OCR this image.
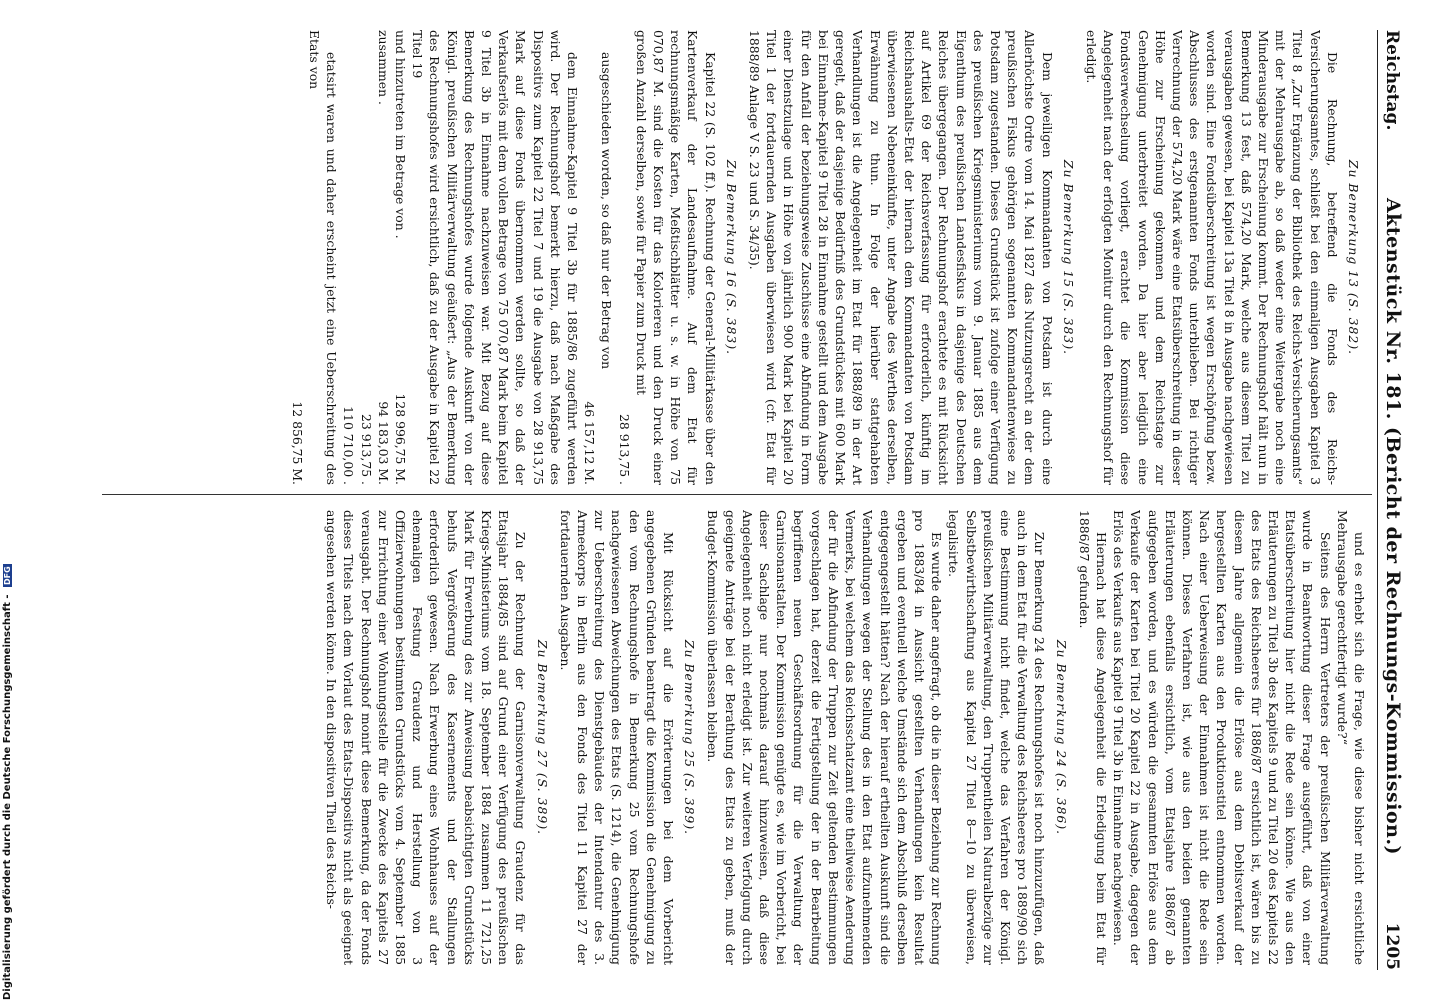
Reichstag.
Aktenstück Nr. 181. (Bericht der Rechnungs-Kommission.)
1205
Zu Bemerkung 13 (S. 382).

Die Rechnung, betreffend die Fonds des Reichs-Versicherungsamtes, schließt bei den einmaligen Ausgaben Kapitel 3 Titel 8 „Zur Ergänzung der Bibliothek des Reichs-Versicherungsamts“ mit der Mehrausgabe ab, so daß weder eine Weitergabe noch eine Minderausgabe zur Erscheinung kommt. Der Rechnungshof hält nun in Bemerkung 13 fest, daß 574,20 Mark, welche aus diesem Titel zu verausgaben gewesen, bei Kapitel 13a Titel 8 in Ausgabe nachgewiesen worden sind. Eine Fondsüberschreitung ist wegen Erschöpfung bezw. Abschlusses des erstgenannten Fonds unterblieben. Bei richtiger Verrechnung der 574,20 Mark wäre eine Etatsüberschreitung in dieser Höhe zur Erscheinung gekommen und dem Reichstage zur Genehmigung unterbreitet worden. Da hier aber lediglich eine Fondsverwechselung vorliegt, erachtet die Kommission diese Angelegenheit nach der erfolgten Monitur durch den Rechnungshof für erledigt.

Zu Bemerkung 15 (S. 383).

Dem jeweiligen Kommandanten von Potsdam ist durch eine Allerhöchste Ordre vom 14. Mai 1827 das Nutzungsrecht an der dem preußischen Fiskus gehörigen sogenannten Kommandantenwiese zu Potsdam zugestanden. Dieses Grundstück ist zufolge einer Verfügung des preußischen Kriegsministeriums vom 9. Januar 1885 aus dem Eigenthum des preußischen Landesfiskus in dasjenige des Deutschen Reiches übergegangen. Der Rechnungshof erachtete es mit Rücksicht auf Artikel 69 der Reichsverfassung für erforderlich, künftig im Reichshaushalts-Etat der hiernach dem Kommandanten von Potsdam überwiesenen Nebeneinkünfte, unter Angabe des Werthes derselben, Erwähnung zu thun. In Folge der hierüber stattgehabten Verhandlungen ist die Angelegenheit im Etat für 1888/89 in der Art geregelt, daß der dasjenige Bedürfniß des Grundstückes mit 600 Mark bei Einnahme-Kapitel 9 Titel 28 in Einnahme gestellt und dem Ausgabe für den Anfall der beziehungsweise Zuschüsse eine Abfindung in Form einer Dienstzulage und in Höhe von jährlich 900 Mark bei Kapitel 20 Titel 1 der fortdauernden Ausgaben überwiesen wird (cfr. Etat für 1888/89 Anlage V S. 23 und S. 34/35).

Zu Bemerkung 16 (S. 383).

Kapitel 22 (S. 102 ff.). Rechnung der General-Militärkasse über den Kartenverkauf der Landesaufnahme. Auf dem Etat für rechnungsmäßige Karten, Meßtischblätter u. s. w. in Höhe von 75 070,87 M. sind die Kosten für das Kolorieren und den Druck einer großen Anzahl derselben, sowie für Papier zum Druck mit

28 913,75 .

ausgeschieden worden, so daß nur der Betrag von

46 157,12 M.

dem Einnahme-Kapitel 9 Titel 3b für 1885/86 zugeführt werden wird. Der Rechnungshof bemerkt hierzu, daß nach Maßgabe des Dispositivs zum Kapitel 22 Titel 7 und 19 die Ausgabe von 28 913,75 Mark auf diese Fonds übernommen werden sollte, so daß der Verkaufserlös mit dem vollen Betrage von 75 070,87 Mark beim Kapitel 9 Titel 3b in Einnahme nachzuweisen war. Mit Bezug auf diese Bemerkung des Rechnungshofes wurde folgende Auskunft von der Königl. preußischen Militärverwaltung geäußert: „Aus der Bemerkung des Rechnungshofes wird ersichtlich, daß zu der Ausgabe in Kapitel 22 Titel 19

und hinzutreten im Betrage von .
128 996,75 M.
zusammen .
94 183,03 M.
23 913,75 .
110 710,00 .

etatsirt waren und daher erscheint jetzt eine Ueberschreitung des Etats von

12 856,75 M.

und es erhebt sich die Frage, wie diese bisher nicht ersichtliche Mehrausgabe gerechtfertigt wurde?“

Seitens des Herrn Vertreters der preußischen Militärverwaltung wurde in Beantwortung dieser Frage ausgeführt, daß von einer Etatsüberschreitung hier nicht die Rede sein könne. Wie aus den Erläuterungen zu Titel 3b des Kapitels 9 und zu Titel 20 des Kapitels 22 des Etats des Reichsheeres für 1886/87 ersichtlich ist, wären bis zu diesem Jahre allgemein die Erlöse aus dem Debitsverkauf der hergestellten Karten aus den Produktionstitel entnommen worden. Nach einer Ueberweisung der Einnahmen ist nicht die Rede sein können. Dieses Verfahren ist, wie aus den beiden genannten Erläuterungen ebenfalls ersichtlich, vom Etatsjahre 1886/87 ab aufgegeben worden, und es würden die gesammten Erlöse aus dem Verkaufe der Karten bei Titel 20 Kapitel 22 in Ausgabe, dagegen der Erlös des Verkaufs aus Kapitel 9 Titel 3b in Einnahme nachgewiesen.

Hiernach hat diese Angelegenheit die Erledigung beim Etat für 1886/87 gefunden.

Zu Bemerkung 24 (S. 386).

Zur Bemerkung 24 des Rechnungshofes ist noch hinzuzufügen, daß auch in dem Etat für die Verwaltung des Reichsheeres pro 1889/90 sich eine Bestimmung nicht findet, welche das Verfahren der Königl. preußischen Militärverwaltung, den Truppentheilen Naturalbezüge zur Selbstbewirthschaftung aus Kapitel 27 Titel 8—10 zu überweisen, legalisirte.

Es wurde daher angefragt, ob die in dieser Beziehung zur Rechnung pro 1883/84 in Aussicht gestellten Verhandlungen kein Resultat ergeben und eventuell welche Umstände sich dem Abschluß derselben entgegengestellt hätten? Nach der hierauf ertheilten Auskunft sind die Verhandlungen wegen der Stellung des in den Etat aufzunehmenden Vermerks, bei welchem das Reichsschatzamt eine theilweise Aenderung der für die Abfindung der Truppen zur Zeit geltenden Bestimmungen vorgeschlagen hat, derzeit die Fertigstellung der in der Bearbeitung begriffenen neuen Geschäftsordnung für die Verwaltung der Garnisonanstalten. Der Kommission genügte es, wie im Vorbericht, bei dieser Sachlage nur nochmals darauf hinzuweisen, daß diese Angelegenheit noch nicht erledigt ist. Zur weiteren Verfolgung durch geeignete Anträge bei der Berathung des Etats zu geben, muß der Budget-Kommission überlassen bleiben.

Zu Bemerkung 25 (S. 389).

Mit Rücksicht auf die Erörterungen bei dem Vorbericht angegebenen Gründen beantragt die Kommission die Genehmigung zu den vom Rechnungshofe in Bemerkung 25 vom Rechnungshofe nachgewiesenen Abweichungen des Etats (S. 1214), die Genehmigung zur Ueberschreitung des Dienstgebäudes der Intendantur des 3. Armeekorps in Berlin aus den Fonds des Titel 11 Kapitel 27 der fortdauernden Ausgaben.

Zu Bemerkung 27 (S. 389).

Zu der Rechnung der Garnisonverwaltung Graudenz für das Etatsjahr 1884/85 sind auf Grund einer Verfügung des preußischen Kriegs-Ministeriums vom 18. September 1884 zusammen 11 721,25 Mark für Erwerbung des zur Anweisung beabsichtigten Grundstücks behufs Vergrößerung des Kasernements und der Stallungen erforderlich gewesen. Nach Erwerbung eines Wohnhauses auf der ehemaligen Festung Graudenz und Herstellung von 3 Offizierwohnungen bestimmten Grundstücks vom 4. September 1885 zur Errichtung einer Wohnungsstelle für die Zwecke des Kapitels 27 verausgabt. Der Rechnungshof monirt diese Bemerkung, da der Fonds dieses Titels nach dem Vorlaut des Etats-Dispositivs nicht als geeignet angesehen werden könne. In den dispositiven Theil des Reichs-

Digitalisierung gefördert durch die Deutsche Forschungsgemeinschaft - DFG
